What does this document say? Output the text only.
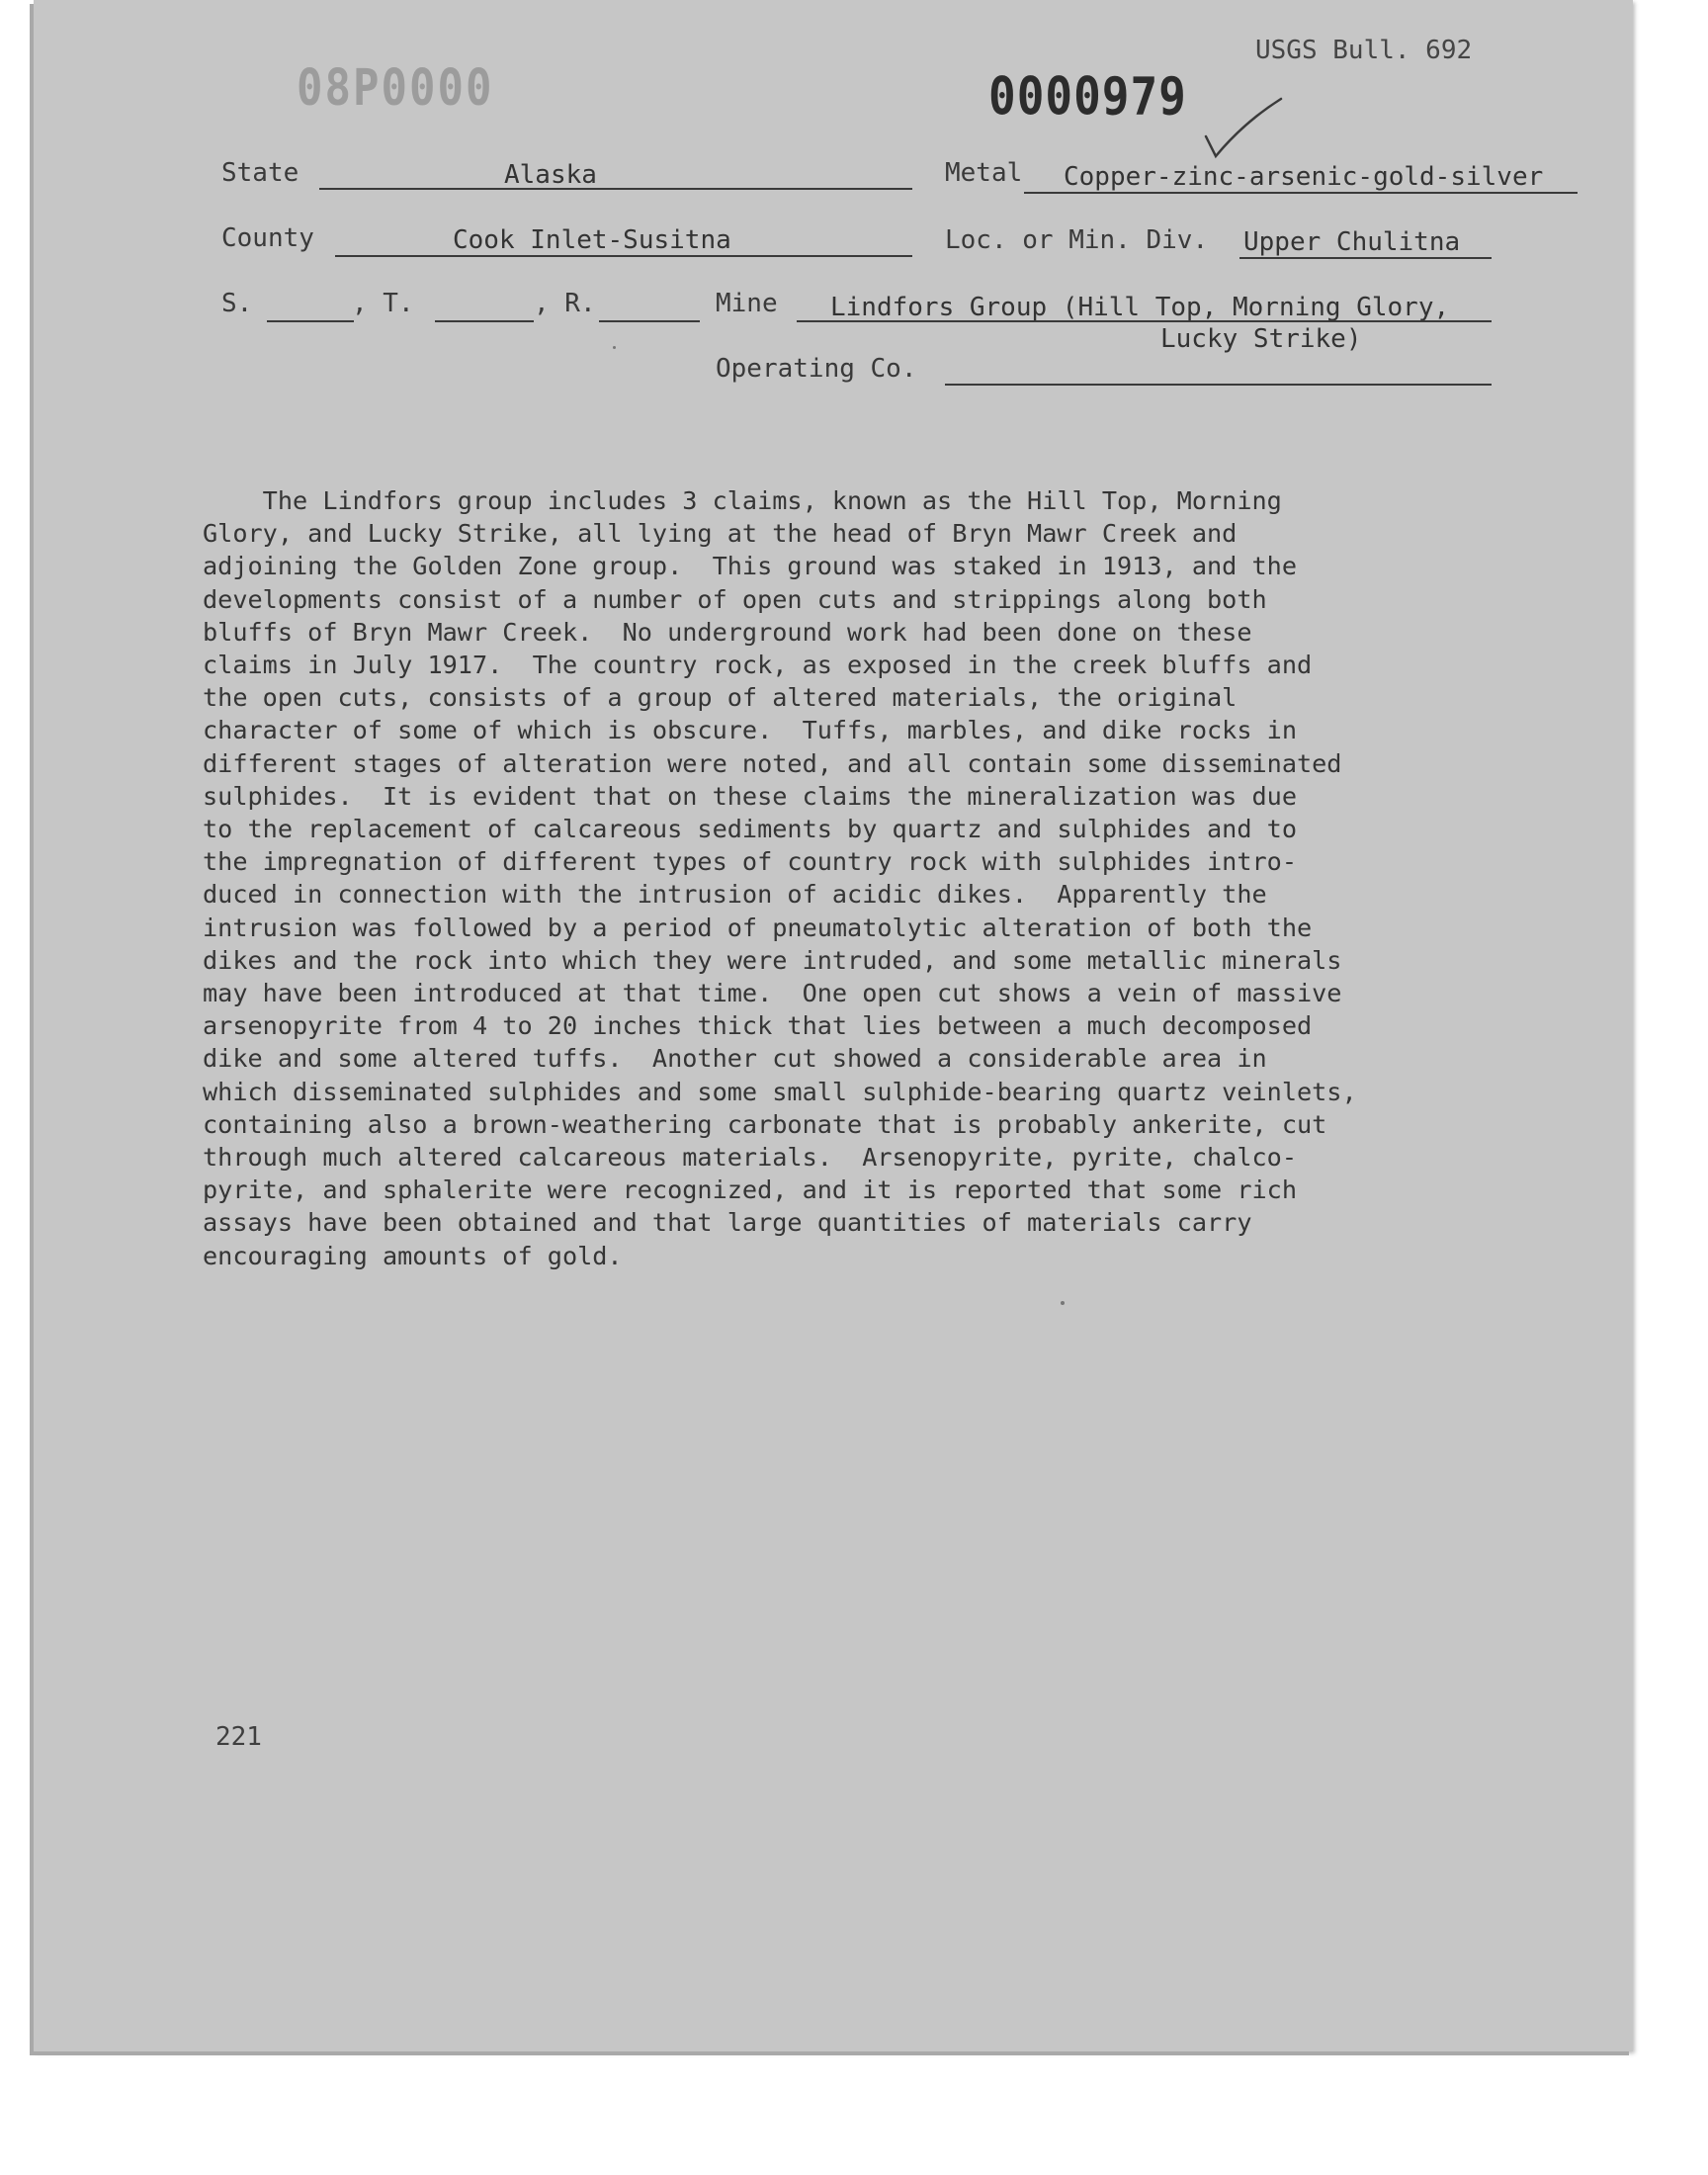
USGS Bull. 692
08P0000	0000979
State	Alaska	Metal Copper-zinc-arsenic-gold-silver
County	Cook Inlet-Susitna	Loc. or Min. Div. Upper Chulitna
S.	, T.	, R.	Mine Lindfors Group (Hill Top, Morning Glory,
Lucky Strike)
Operating Co.
The Lindfors group includes 3 claims, known as the Hill Top, Morning
Glory, and Lucky Strike, all lying at the head of Bryn Mawr Creek and
adjoining the Golden Zone group.  This ground was staked in 1913, and the
developments consist of a number of open cuts and strippings along both
bluffs of Bryn Mawr Creek.  No underground work had been done on these
claims in July 1917.  The country rock, as exposed in the creek bluffs and
the open cuts, consists of a group of altered materials, the original
character of some of which is obscure.  Tuffs, marbles, and dike rocks in
different stages of alteration were noted, and all contain some disseminated
sulphides.  It is evident that on these claims the mineralization was due
to the replacement of calcareous sediments by quartz and sulphides and to
the impregnation of different types of country rock with sulphides intro-
duced in connection with the intrusion of acidic dikes.  Apparently the
intrusion was followed by a period of pneumatolytic alteration of both the
dikes and the rock into which they were intruded, and some metallic minerals
may have been introduced at that time.  One open cut shows a vein of massive
arsenopyrite from 4 to 20 inches thick that lies between a much decomposed
dike and some altered tuffs.  Another cut showed a considerable area in
which disseminated sulphides and some small sulphide-bearing quartz veinlets,
containing also a brown-weathering carbonate that is probably ankerite, cut
through much altered calcareous materials.  Arsenopyrite, pyrite, chalco-
pyrite, and sphalerite were recognized, and it is reported that some rich
assays have been obtained and that large quantities of materials carry
encouraging amounts of gold.
221
